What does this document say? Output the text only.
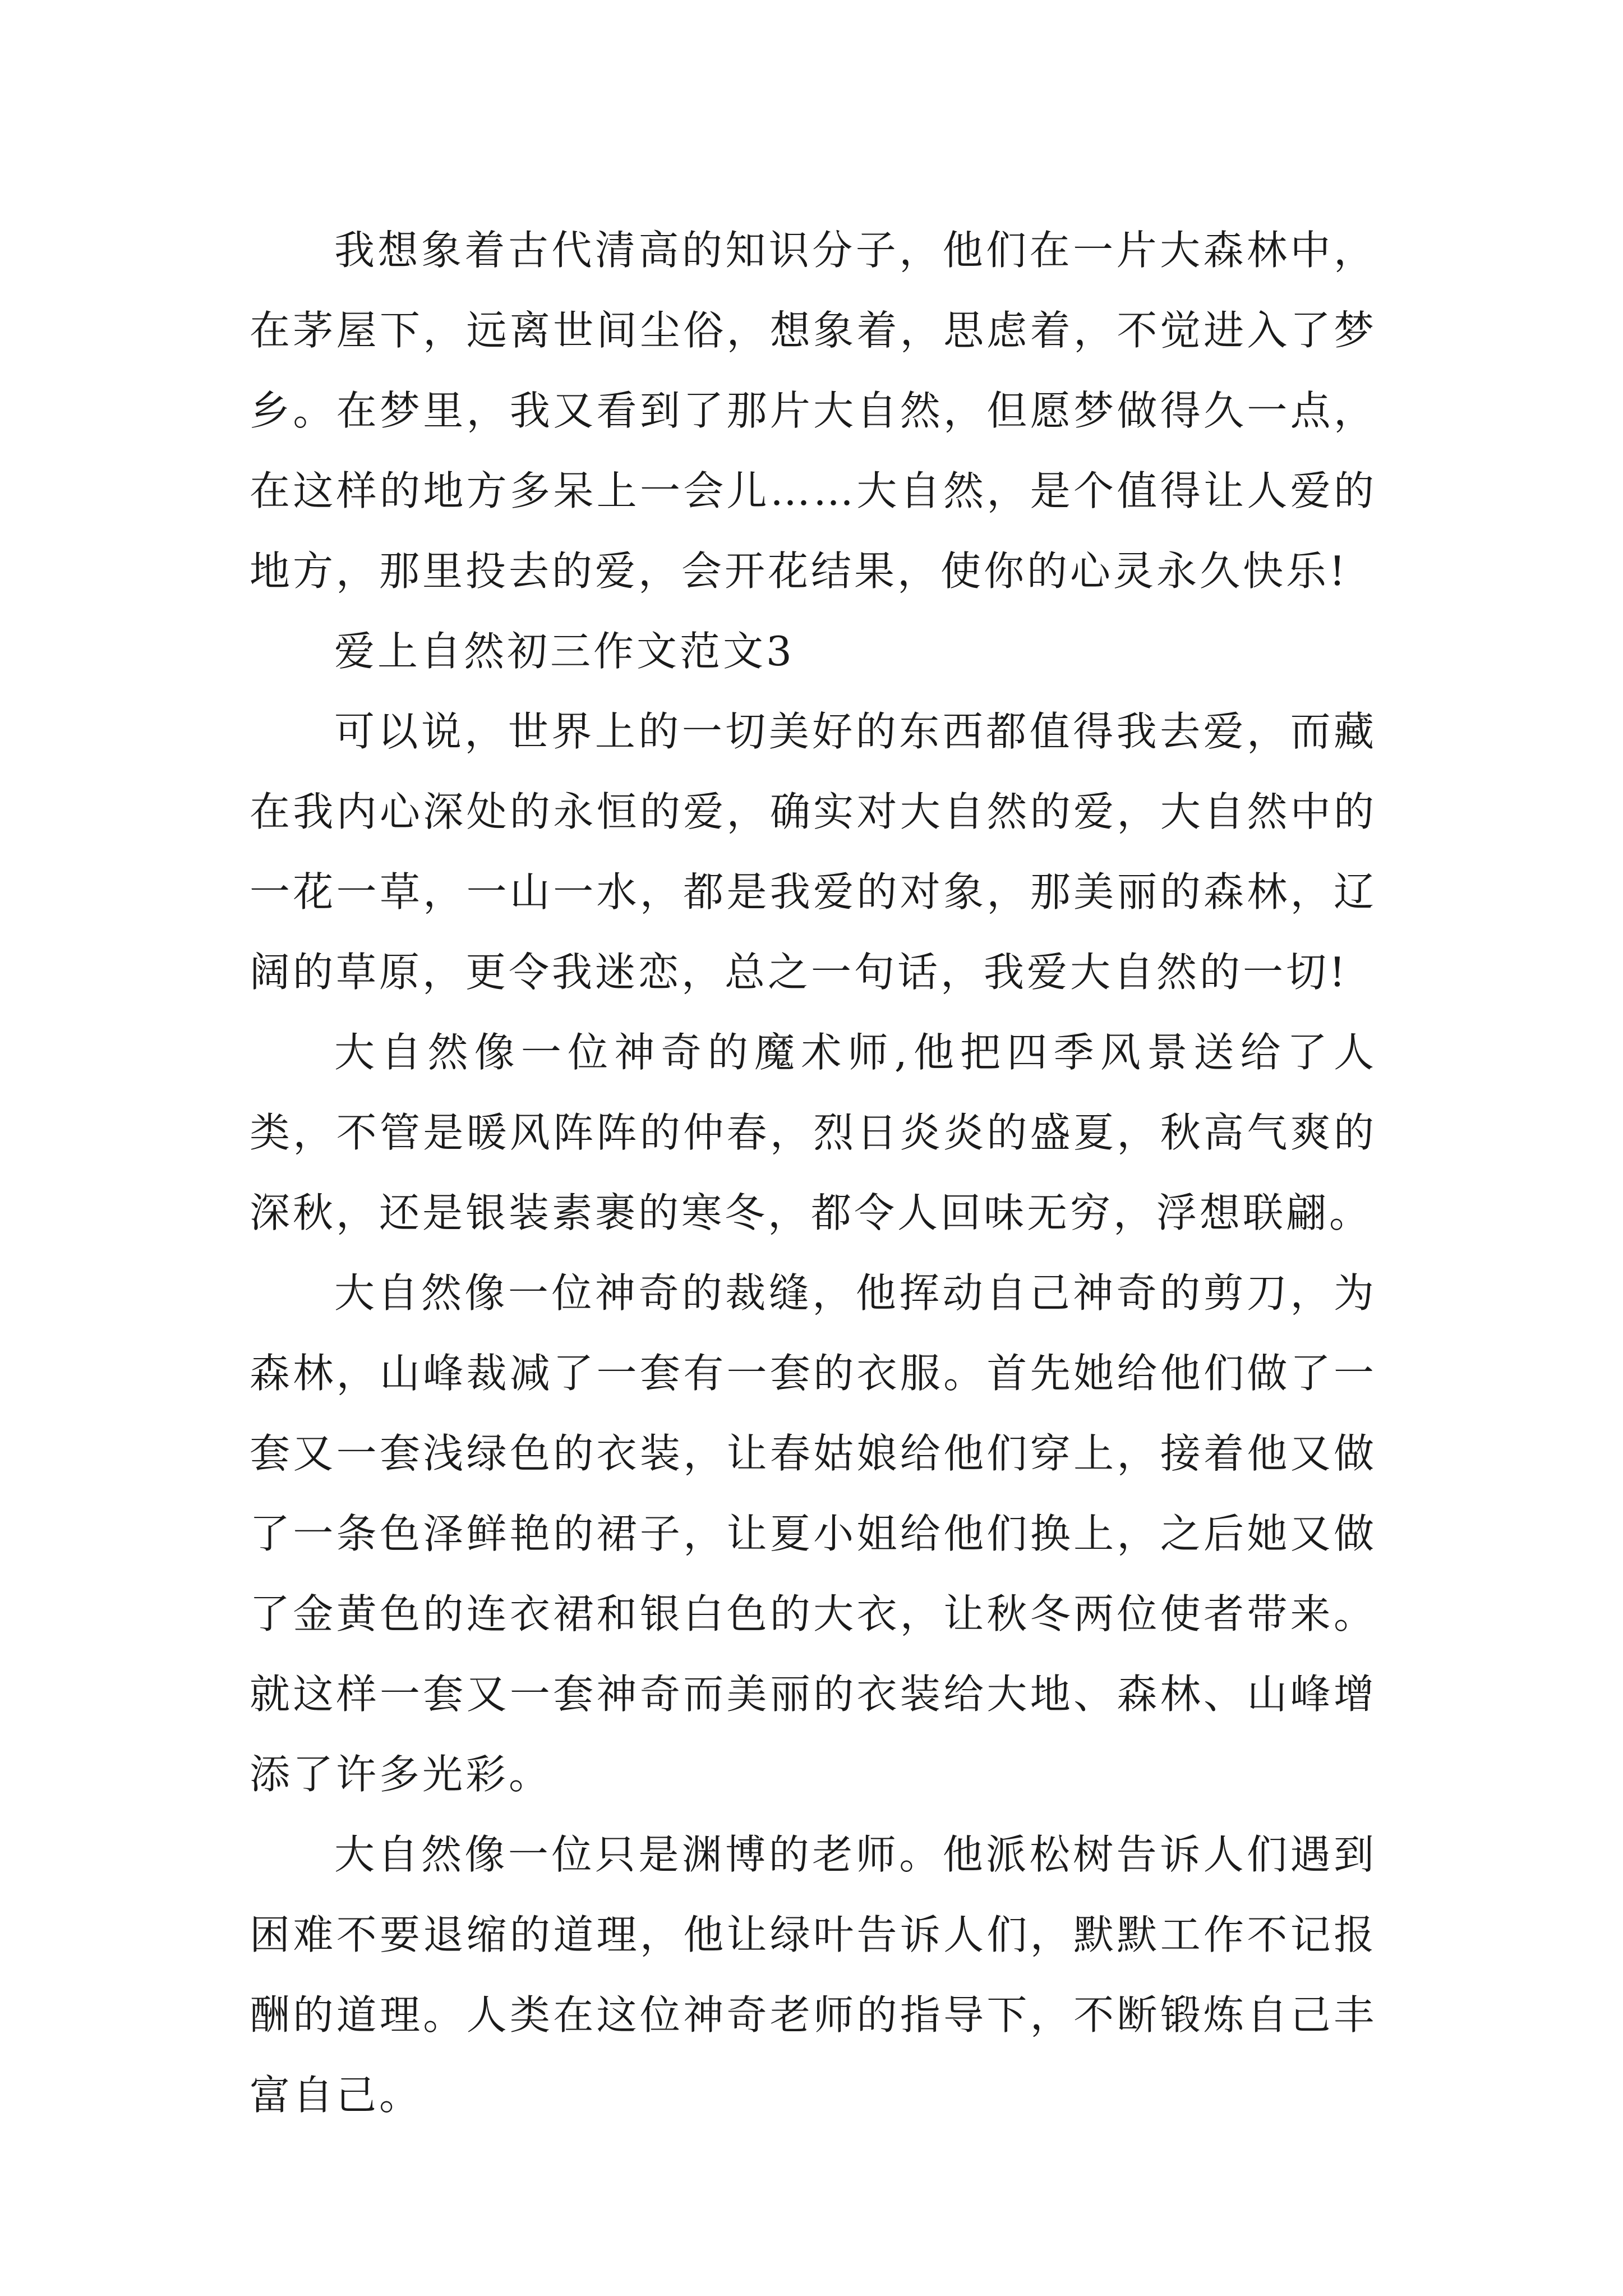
我想象着古代清高的知识分子，他们在一片大森林中，在茅屋下，远离世间尘俗，想象着，思虑着，不觉进入了梦乡。在梦里，我又看到了那片大自然，但愿梦做得久一点，在这样的地方多呆上一会儿……大自然，是个值得让人爱的地方，那里投去的爱，会开花结果，使你的心灵永久快乐!

爱上自然初三作文范文3

可以说，世界上的一切美好的东西都值得我去爱，而藏在我内心深处的永恒的爱，确实对大自然的爱，大自然中的一花一草，一山一水，都是我爱的对象，那美丽的森林，辽阔的草原，更令我迷恋，总之一句话，我爱大自然的一切!

大自然像一位神奇的魔术师,他把四季风景送给了人类，不管是暖风阵阵的仲春，烈日炎炎的盛夏，秋高气爽的深秋，还是银装素裹的寒冬，都令人回味无穷，浮想联翩。

大自然像一位神奇的裁缝，他挥动自己神奇的剪刀，为森林，山峰裁减了一套有一套的衣服。首先她给他们做了一套又一套浅绿色的衣装，让春姑娘给他们穿上，接着他又做了一条色泽鲜艳的裙子，让夏小姐给他们换上，之后她又做了金黄色的连衣裙和银白色的大衣，让秋冬两位使者带来。就这样一套又一套神奇而美丽的衣装给大地、森林、山峰增添了许多光彩。

大自然像一位只是渊博的老师。他派松树告诉人们遇到困难不要退缩的道理，他让绿叶告诉人们，默默工作不记报酬的道理。人类在这位神奇老师的指导下，不断锻炼自己丰富自己。
